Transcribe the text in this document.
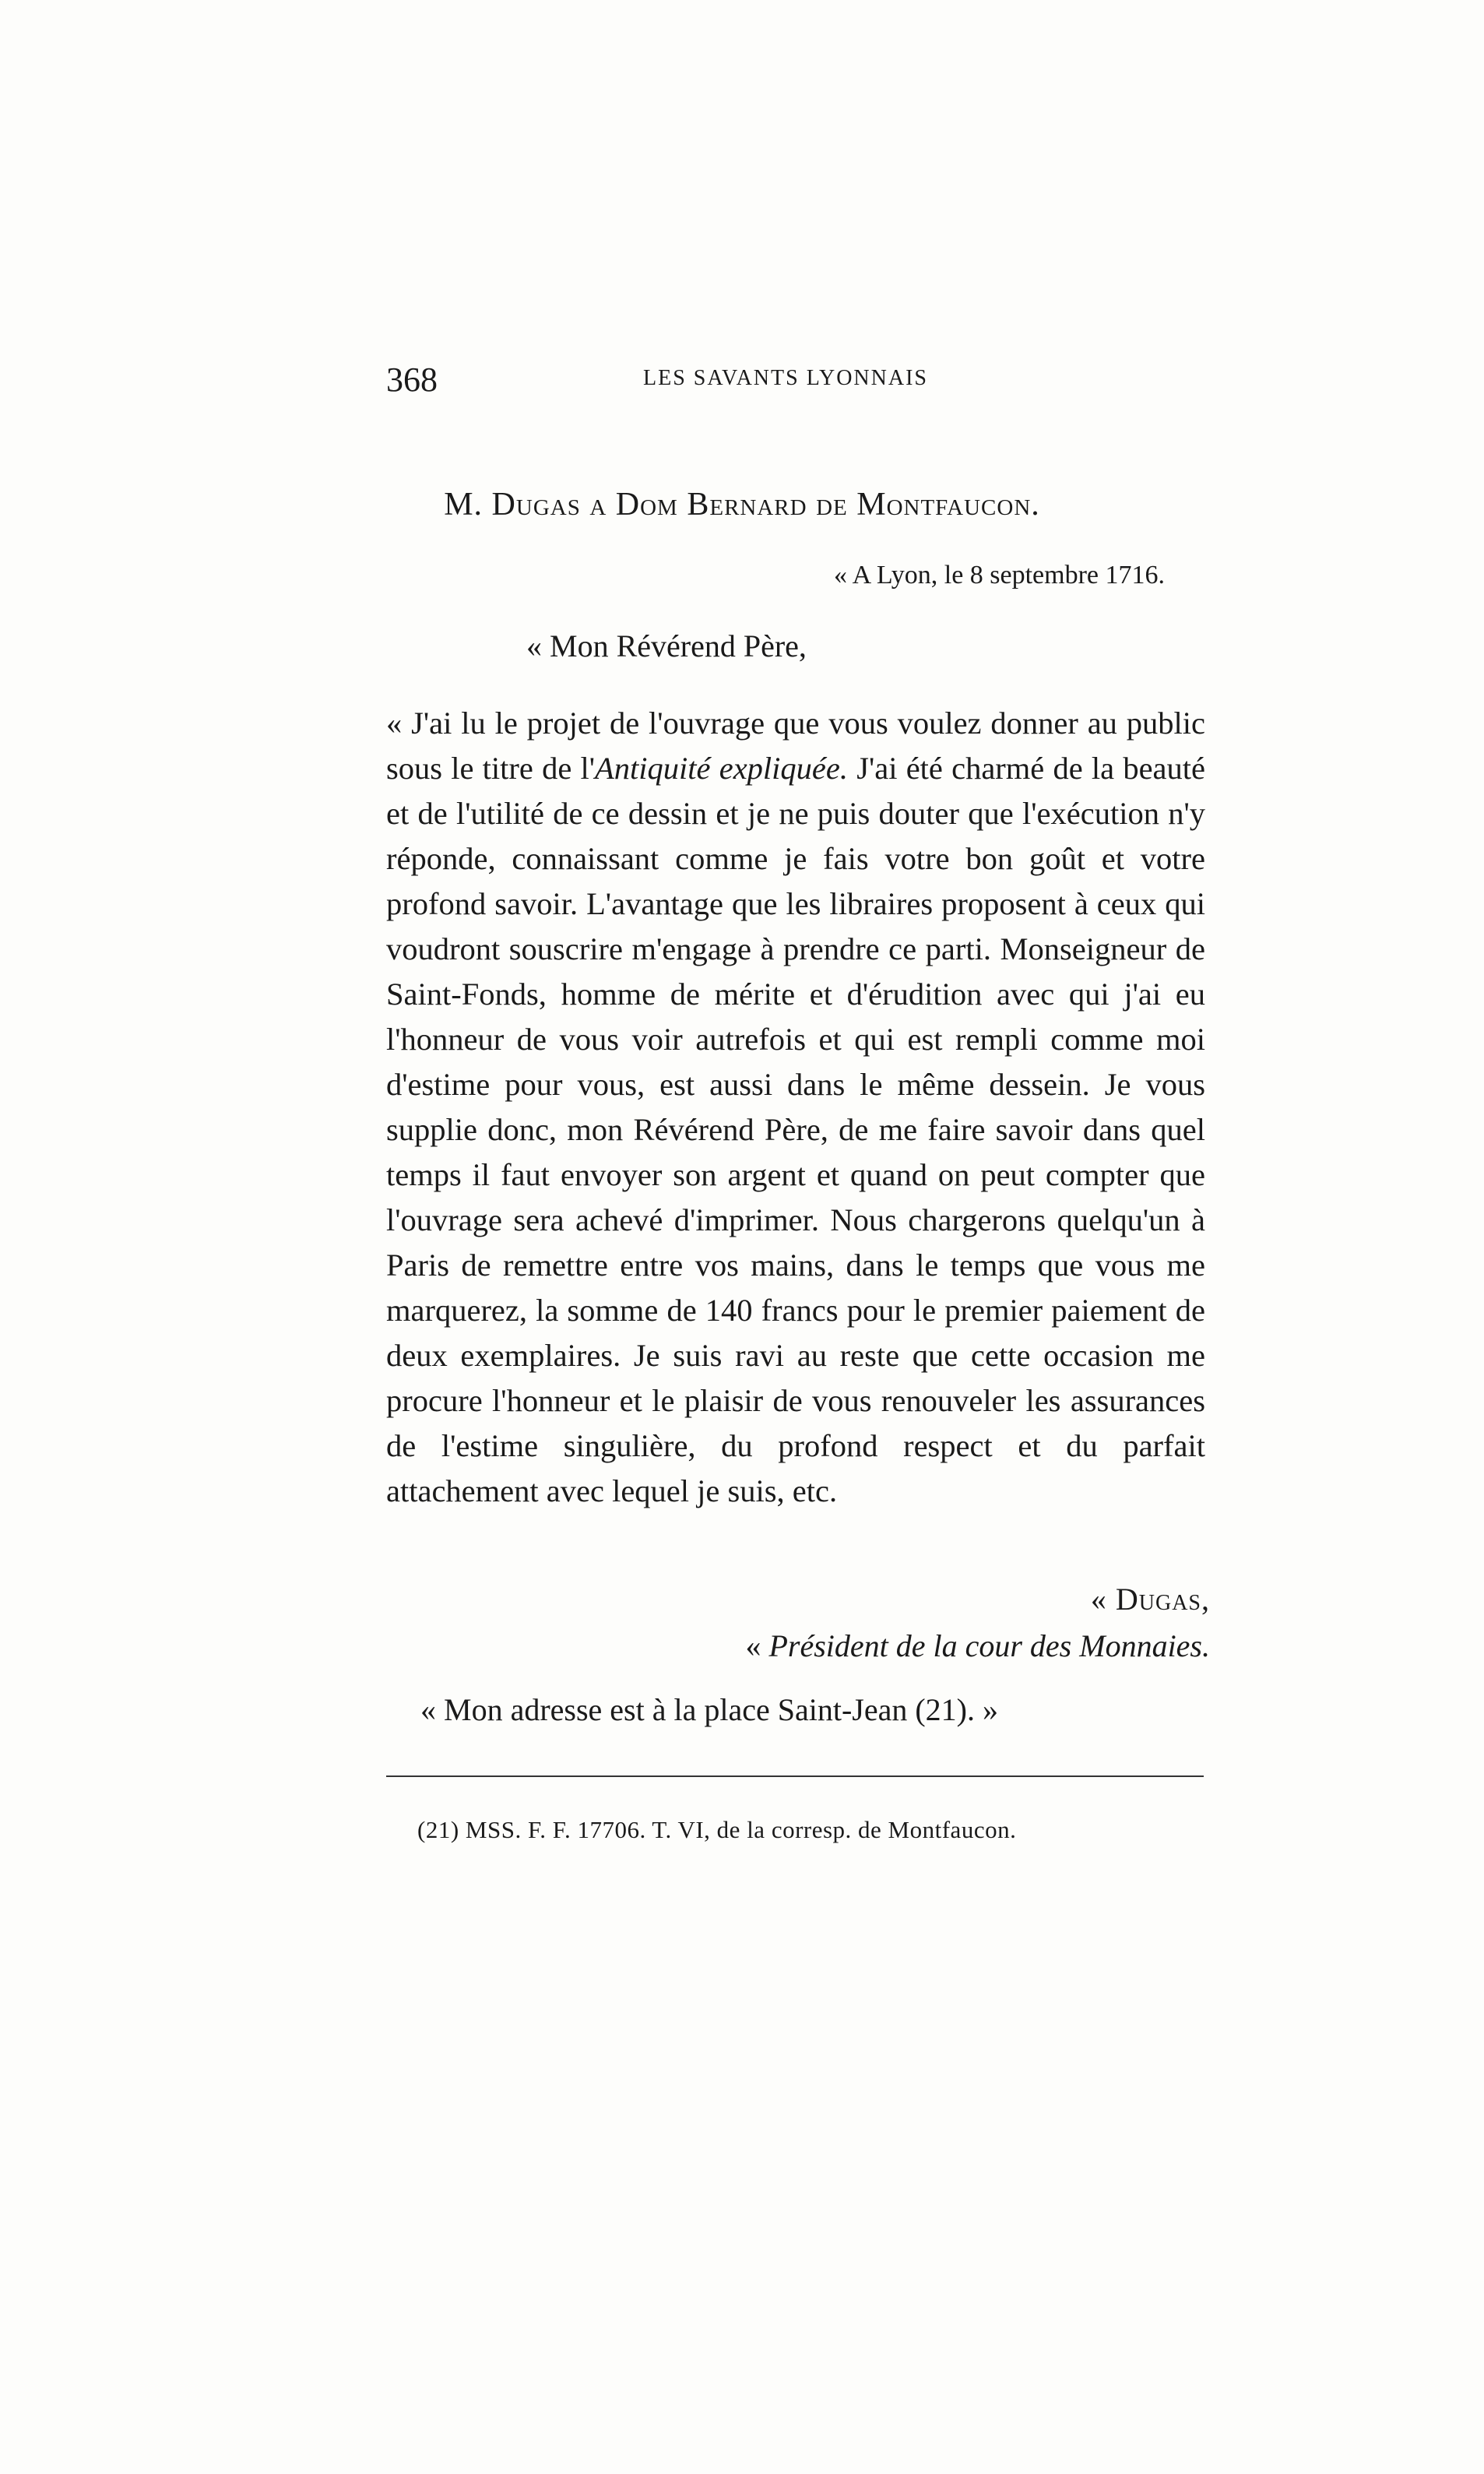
368	LES SAVANTS LYONNAIS
M. Dugas a Dom Bernard de Montfaucon.
« A Lyon, le 8 septembre 1716.
« Mon Révérend Père,
« J'ai lu le projet de l'ouvrage que vous voulez donner au public sous le titre de l'Antiquité expliquée. J'ai été charmé de la beauté et de l'utilité de ce dessin et je ne puis douter que l'exécution n'y réponde, connaissant comme je fais votre bon goût et votre profond savoir. L'avantage que les libraires proposent à ceux qui voudront souscrire m'engage à prendre ce parti. Monseigneur de Saint-Fonds, homme de mérite et d'érudition avec qui j'ai eu l'honneur de vous voir autrefois et qui est rempli comme moi d'estime pour vous, est aussi dans le même dessein. Je vous supplie donc, mon Révérend Père, de me faire savoir dans quel temps il faut envoyer son argent et quand on peut compter que l'ouvrage sera achevé d'imprimer. Nous chargerons quelqu'un à Paris de remettre entre vos mains, dans le temps que vous me marquerez, la somme de 140 francs pour le premier paiement de deux exemplaires. Je suis ravi au reste que cette occasion me procure l'honneur et le plaisir de vous renouveler les assurances de l'estime singulière, du profond respect et du parfait attachement avec lequel je suis, etc.
« Dugas,
« Président de la cour des Monnaies.
« Mon adresse est à la place Saint-Jean (21). »
(21) MSS. F. F. 17706. T. VI, de la corresp. de Montfaucon.
